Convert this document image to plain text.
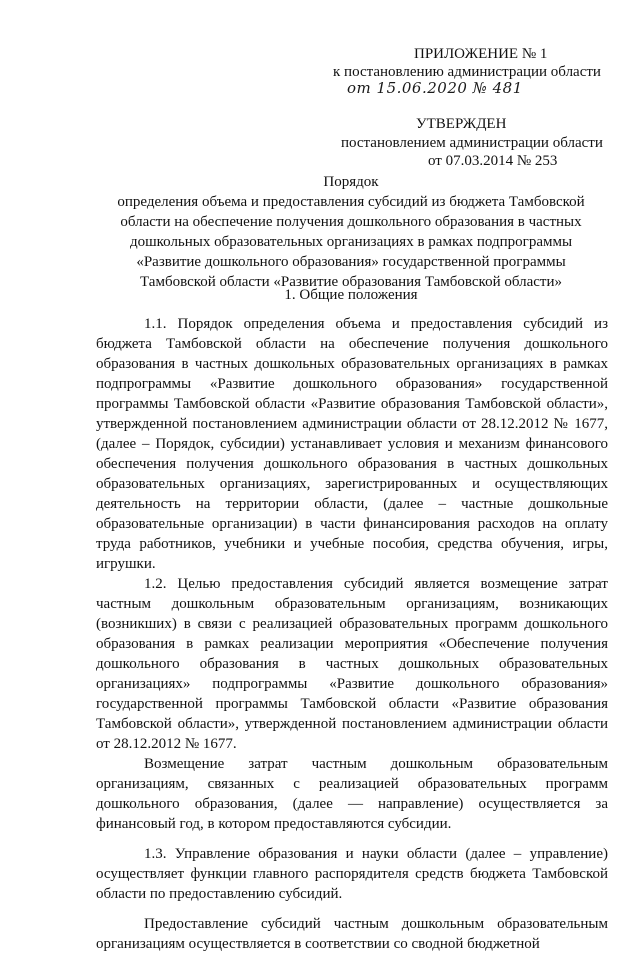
ПРИЛОЖЕНИЕ № 1
к постановлению администрации области
от 15.06.2020 № 481
УТВЕРЖДЕН
постановлением администрации области
от 07.03.2014 № 253
Порядок
определения объема и предоставления субсидий из бюджета Тамбовской области на обеспечение получения дошкольного образования в частных дошкольных образовательных организациях в рамках подпрограммы «Развитие дошкольного образования» государственной программы Тамбовской области «Развитие образования Тамбовской области»
1. Общие положения

1.1. Порядок определения объема и предоставления субсидий из бюджета Тамбовской области на обеспечение получения дошкольного образования в частных дошкольных образовательных организациях в рамках подпрограммы «Развитие дошкольного образования» государственной программы Тамбовской области «Развитие образования Тамбовской области», утвержденной постановлением администрации области от 28.12.2012 № 1677, (далее – Порядок, субсидии) устанавливает условия и механизм финансового обеспечения получения дошкольного образования в частных дошкольных образовательных организациях, зарегистрированных и осуществляющих деятельность на территории области, (далее – частные дошкольные образовательные организации) в части финансирования расходов на оплату труда работников, учебники и учебные пособия, средства обучения, игры, игрушки.

1.2. Целью предоставления субсидий является возмещение затрат частным дошкольным образовательным организациям, возникающих (возникших) в связи с реализацией образовательных программ дошкольного образования в рамках реализации мероприятия «Обеспечение получения дошкольного образования в частных дошкольных образовательных организациях» подпрограммы «Развитие дошкольного образования» государственной программы Тамбовской области «Развитие образования Тамбовской области», утвержденной постановлением администрации области от 28.12.2012 № 1677.

Возмещение затрат частным дошкольным образовательным организациям, связанных с реализацией образовательных программ дошкольного образования, (далее — направление) осуществляется за финансовый год, в котором предоставляются субсидии.

1.3. Управление образования и науки области (далее – управление) осуществляет функции главного распорядителя средств бюджета Тамбовской области по предоставлению субсидий.

Предоставление субсидий частным дошкольным образовательным организациям осуществляется в соответствии со сводной бюджетной
